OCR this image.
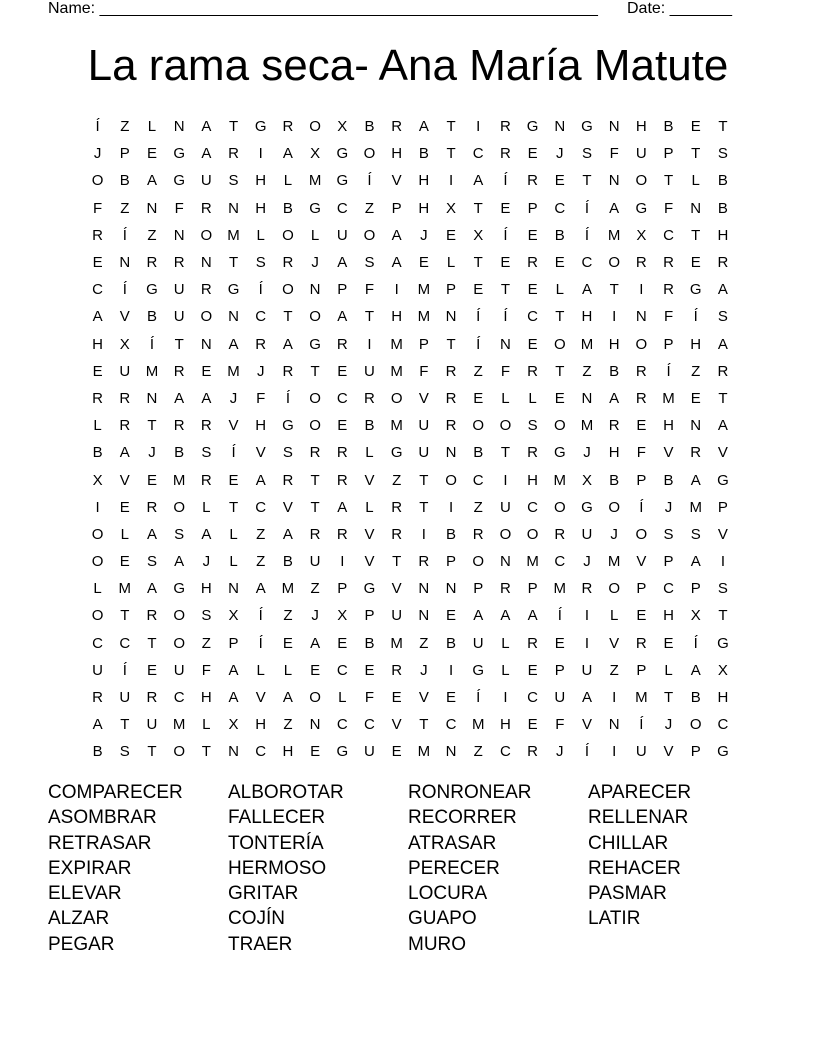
Name: ________________________________________________________ Date: _______
La rama seca- Ana María Matute
Í	Z	L	N	A	T	G	R	O	X	B	R	A	T	I	R	G	N	G	N	H	B	E	T
J	P	E	G	A	R	I	A	X	G	O	H	B	T	C	R	E	J	S	F	U	P	T	S
O	B	A	G	U	S	H	L	M	G	Í	V	H	I	A	Í	R	E	T	N	O	T	L	B
F	Z	N	F	R	N	H	B	G	C	Z	P	H	X	T	E	P	C	Í	A	G	F	N	B
R	Í	Z	N	O	M	L	O	L	U	O	A	J	E	X	Í	E	B	Í	M	X	C	T	H
E	N	R	R	N	T	S	R	J	A	S	A	E	L	T	E	R	E	C	O	R	R	E	R
C	Í	G	U	R	G	Í	O	N	P	F	I	M	P	E	T	E	L	A	T	I	R	G	A
A	V	B	U	O	N	C	T	O	A	T	H	M	N	Í	Í	C	T	H	I	N	F	Í	S
H	X	Í	T	N	A	R	A	G	R	I	M	P	T	Í	N	E	O	M	H	O	P	H	A
E	U	M	R	E	M	J	R	T	E	U	M	F	R	Z	F	R	T	Z	B	R	Í	Z	R
R	R	N	A	A	J	F	Í	O	C	R	O	V	R	E	L	L	E	N	A	R	M	E	T
L	R	T	R	R	V	H	G	O	E	B	M	U	R	O	O	S	O	M	R	E	H	N	A
B	A	J	B	S	Í	V	S	R	R	L	G	U	N	B	T	R	G	J	H	F	V	R	V
X	V	E	M	R	E	A	R	T	R	V	Z	T	O	C	I	H	M	X	B	P	B	A	G
I	E	R	O	L	T	C	V	T	A	L	R	T	I	Z	U	C	O	G	O	Í	J	M	P
O	L	A	S	A	L	Z	A	R	R	V	R	I	B	R	O	O	R	U	J	O	S	S	V
O	E	S	A	J	L	Z	B	U	I	V	T	R	P	O	N	M	C	J	M	V	P	A	I
L	M	A	G	H	N	A	M	Z	P	G	V	N	N	P	R	P	M	R	O	P	C	P	S
O	T	R	O	S	X	Í	Z	J	X	P	U	N	E	A	A	A	Í	I	L	E	H	X	T
C	C	T	O	Z	P	Í	E	A	E	B	M	Z	B	U	L	R	E	I	V	R	E	Í	G
U	Í	E	U	F	A	L	L	E	C	E	R	J	I	G	L	E	P	U	Z	P	L	A	X
R	U	R	C	H	A	V	A	O	L	F	E	V	E	Í	I	C	U	A	I	M	T	B	H
A	T	U	M	L	X	H	Z	N	C	C	V	T	C	M	H	E	F	V	N	Í	J	O	C
B	S	T	O	T	N	C	H	E	G	U	E	M	N	Z	C	R	J	Í	I	U	V	P	G
COMPARECER	ALBOROTAR	RONRONEAR	APARECER
ASOMBRAR	FALLECER	RECORRER	RELLENAR
RETRASAR	TONTERÍA	ATRASAR	CHILLAR
EXPIRAR	HERMOSO	PERECER	REHACER
ELEVAR	GRITAR	LOCURA	PASMAR
ALZAR	COJÍN	GUAPO	LATIR
PEGAR	TRAER	MURO
